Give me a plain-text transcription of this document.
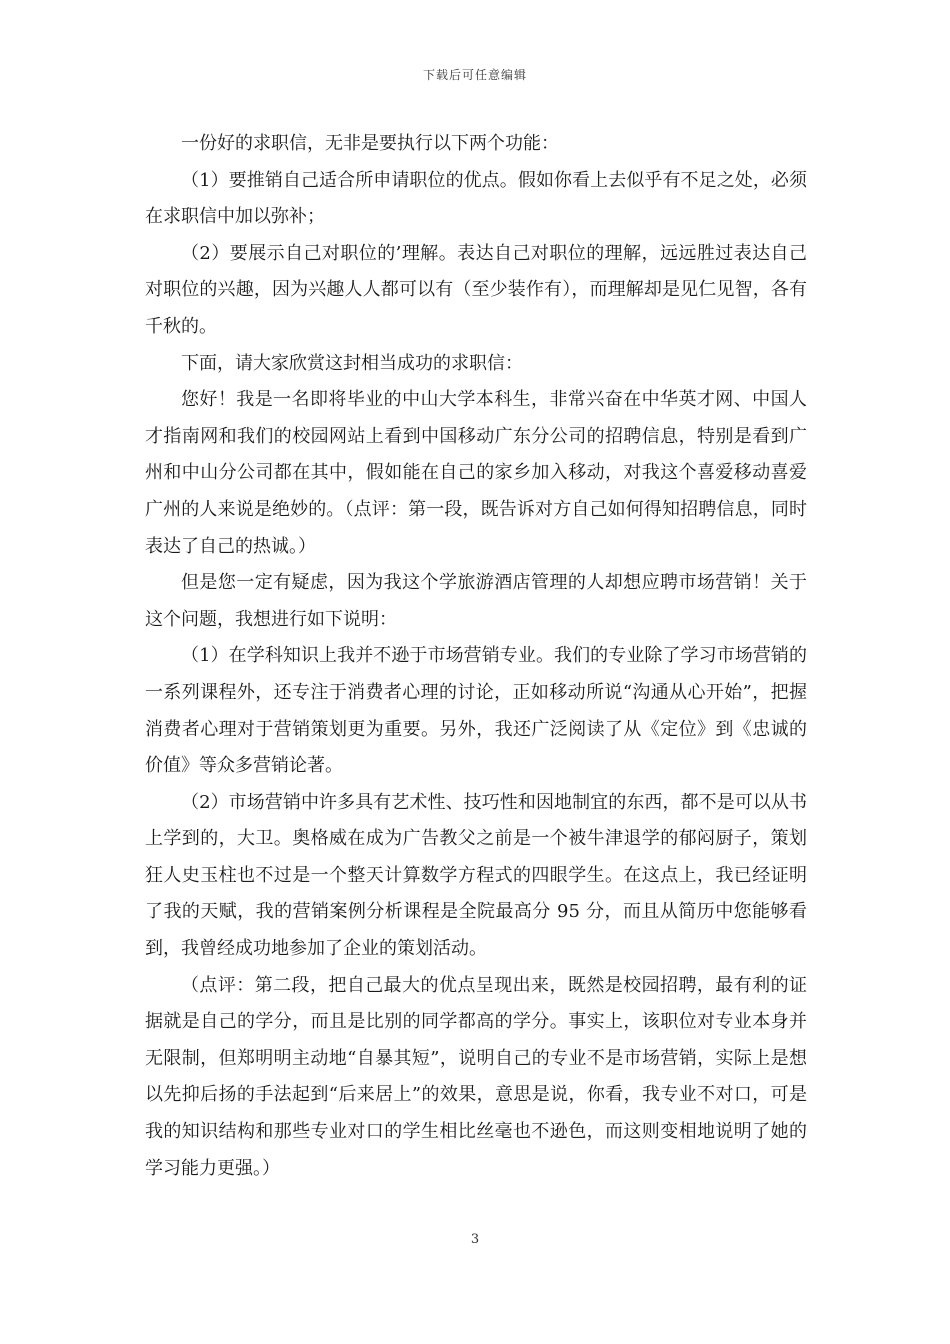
下载后可任意编辑

一份好的求职信，无非是要执行以下两个功能：

（1）要推销自己适合所申请职位的优点。假如你看上去似乎有不足之处，必须在求职信中加以弥补；

（2）要展示自己对职位的’理解。表达自己对职位的理解，远远胜过表达自己对职位的兴趣，因为兴趣人人都可以有（至少装作有），而理解却是见仁见智，各有千秋的。

下面，请大家欣赏这封相当成功的求职信：

您好！我是一名即将毕业的中山大学本科生，非常兴奋在中华英才网、中国人才指南网和我们的校园网站上看到中国移动广东分公司的招聘信息，特别是看到广州和中山分公司都在其中，假如能在自己的家乡加入移动，对我这个喜爱移动喜爱广州的人来说是绝妙的。（点评：第一段，既告诉对方自己如何得知招聘信息，同时表达了自己的热诚。）

但是您一定有疑虑，因为我这个学旅游酒店管理的人却想应聘市场营销！关于这个问题，我想进行如下说明：

（1）在学科知识上我并不逊于市场营销专业。我们的专业除了学习市场营销的一系列课程外，还专注于消费者心理的讨论，正如移动所说“沟通从心开始”，把握消费者心理对于营销策划更为重要。另外，我还广泛阅读了从《定位》到《忠诚的价值》等众多营销论著。

（2）市场营销中许多具有艺术性、技巧性和因地制宜的东西，都不是可以从书上学到的，大卫。奥格威在成为广告教父之前是一个被牛津退学的郁闷厨子，策划狂人史玉柱也不过是一个整天计算数学方程式的四眼学生。在这点上，我已经证明了我的天赋，我的营销案例分析课程是全院最高分 95 分，而且从简历中您能够看到，我曾经成功地参加了企业的策划活动。

（点评：第二段，把自己最大的优点呈现出来，既然是校园招聘，最有利的证据就是自己的学分，而且是比别的同学都高的学分。事实上，该职位对专业本身并无限制，但郑明明主动地“自暴其短”，说明自己的专业不是市场营销，实际上是想以先抑后扬的手法起到“后来居上”的效果，意思是说，你看，我专业不对口，可是我的知识结构和那些专业对口的学生相比丝毫也不逊色，而这则变相地说明了她的学习能力更强。）

3
